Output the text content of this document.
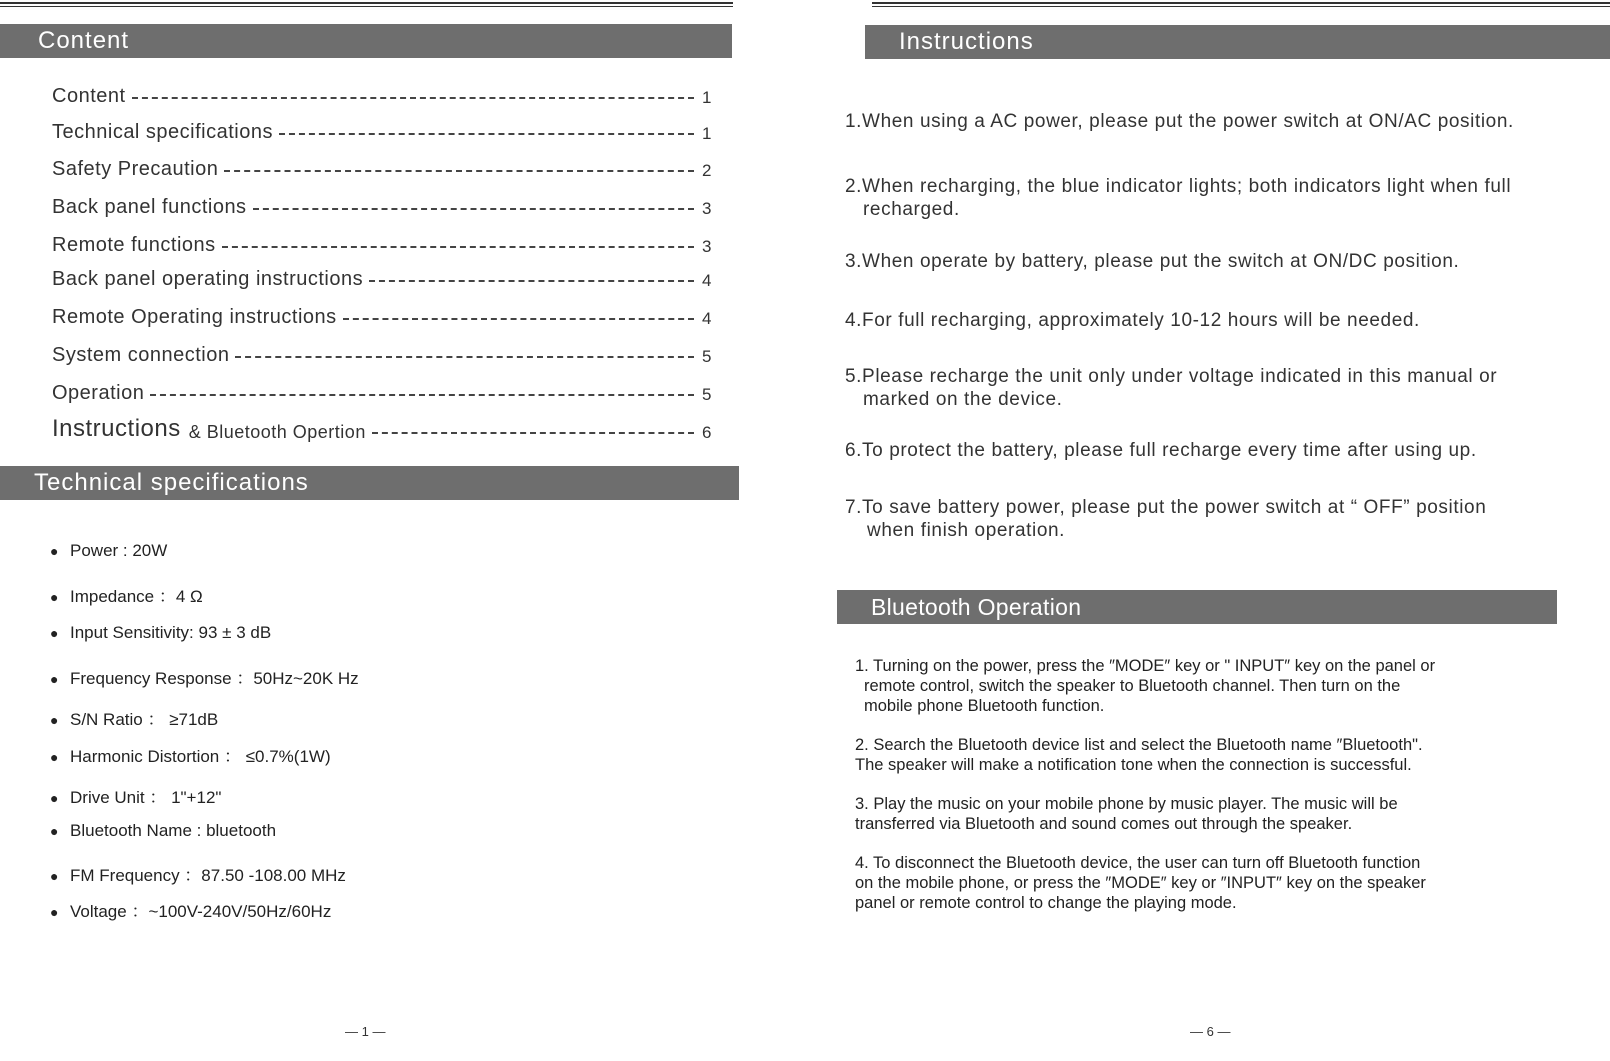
Content
Content	1
Technical specifications	1
Safety Precaution	2
Back panel functions	3
Remote functions	3
Back panel operating instructions	4
Remote Operating instructions	4
System connection	5
Operation	5
Instructions & Bluetooth Opertion	6
Technical specifications
● Power : 20W
● Impedance ：4 Ω
● Input Sensitivity: 93 ± 3 dB
● Frequency Response ：50Hz~20K Hz
● S/N Ratio ： ≥71dB
● Harmonic Distortion ： ≤0.7%(1W)
● Drive Unit ： 1"+12"
● Bluetooth Name : bluetooth
● FM Frequency ：87.50 -108.00 MHz
● Voltage ：~100V-240V/50Hz/60Hz
— 1 —
Instructions
1.When using a AC power, please put the power switch at ON/AC position.
2.When recharging, the blue indicator lights; both indicators light when full
recharged.
3.When operate by battery, please put the switch at ON/DC position.
4.For full recharging, approximately 10-12 hours will be needed.
5.Please recharge the unit only under voltage indicated in this manual or
marked on the device.
6.To protect the battery, please full recharge every time after using up.
7.To save battery power, please put the power switch at “ OFF” position
when finish operation.
Bluetooth Operation
1. Turning on the power, press the ″MODE″ key or " INPUT″ key on the panel or
remote control, switch the speaker to Bluetooth channel. Then turn on the
mobile phone Bluetooth function.
2. Search the Bluetooth device list and select the Bluetooth name ″Bluetooth".
The speaker will make a notification tone when the connection is successful.
3. Play the music on your mobile phone by music player. The music will be
transferred via Bluetooth and sound comes out through the speaker.
4. To disconnect the Bluetooth device, the user can turn off Bluetooth function
on the mobile phone, or press the ″MODE″ key or ″INPUT″ key on the speaker
panel or remote control to change the playing mode.
— 6 —
